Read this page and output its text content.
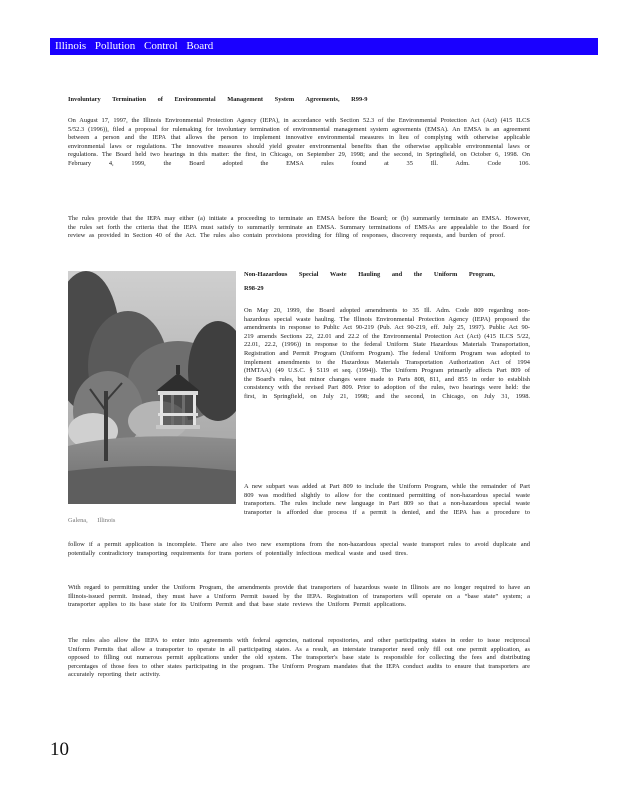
Illinois Pollution Control Board
Involuntary Termination of Environmental Management System Agreements, R99-9

On August 17, 1997, the Illinois Environmental Protection Agency (IEPA), in accordance with Section 52.3 of the Environmental Protection Act (Act) (415 ILCS 5/52.3 (1996)), filed a proposal for rulemaking for involuntary termination of environmental management system agreements (EMSA). An EMSA is an agreement between a person and the IEPA that allows the person to implement innovative environmental measures in lieu of complying with otherwise applicable environmental laws or regulations. The innovative measures should yield greater environmental benefits than the otherwise applicable environmental laws or regulations. The Board held two hearings in this matter: the first, in Chicago, on September 29, 1998; and the second, in Springfield, on October 6, 1998. On February 4, 1999, the Board adopted the EMSA rules found at 35 Ill. Adm. Code 106.

The rules provide that the IEPA may either (a) initiate a proceeding to terminate an EMSA before the Board; or (b) summarily terminate an EMSA. However, the rules set forth the criteria that the IEPA must satisfy to summarily terminate an EMSA. Summary terminations of EMSAs are appealable to the Board for review as provided in Section 40 of the Act. The rules also contain provisions providing for filing of responses, discovery requests, and burden of proof.

Galena, Illinois
Non-Hazardous Special Waste Hauling and the Uniform Program,
R98-29

On May 20, 1999, the Board adopted amendments to 35 Ill. Adm. Code 809 regarding non-hazardous special waste hauling. The Illinois Environmental Protection Agency (IEPA) proposed the amendments in response to Public Act 90-219 (Pub. Act 90-219, eff. July 25, 1997). Public Act 90-219 amends Sections 22, 22.01 and 22.2 of the Environmental Protection Act (Act) (415 ILCS 5/22, 22.01, 22.2, (1996)) in response to the federal Uniform State Hazardous Materials Transportation, Registration and Permit Program (Uniform Program). The federal Uniform Program was adopted to implement amendments to the Hazardous Materials Transportation Authorization Act of 1994 (HMTAA) (49 U.S.C. § 5119 et seq. (1994)). The Uniform Program primarily affects Part 809 of the Board's rules, but minor changes were made to Parts 808, 811, and 855 in order to establish consistency with the revised Part 809. Prior to adoption of the rules, two hearings were held: the first, in Springfield, on July 21, 1998; and the second, in Chicago, on July 31, 1998.

A new subpart was added at Part 809 to include the Uniform Program, while the remainder of Part 809 was modified slightly to allow for the continued permitting of non-hazardous special waste transporters. The rules include new language in Part 809 so that a non-hazardous special waste transporter is afforded due process if a permit is denied, and the IEPA has a procedure to

follow if a permit application is incomplete. There are also two new exemptions from the non-hazardous special waste transport rules to avoid duplicate and potentially contradictory transporting requirements for trans porters of potentially infectious medical waste and used tires.

With regard to permitting under the Uniform Program, the amendments provide that transporters of hazardous waste in Illinois are no longer required to have an Illinois-issued permit. Instead, they must have a Uniform Permit issued by the IEPA. Registration of transporters will operate on a “base state” system; a transporter applies to its base state for its Uniform Permit and that base state reviews the Uniform Permit applications.

The rules also allow the IEPA to enter into agreements with federal agencies, national repositories, and other participating states in order to issue reciprocal Uniform Permits that allow a transporter to operate in all participating states. As a result, an interstate transporter need only fill out one permit application, as opposed to filling out numerous permit applications under the old system. The transporter's base state is responsible for collecting the fees and distributing percentages of those fees to other states participating in the program. The Uniform Program mandates that the IEPA conduct audits to ensure that transporters are accurately reporting their activity.

10
